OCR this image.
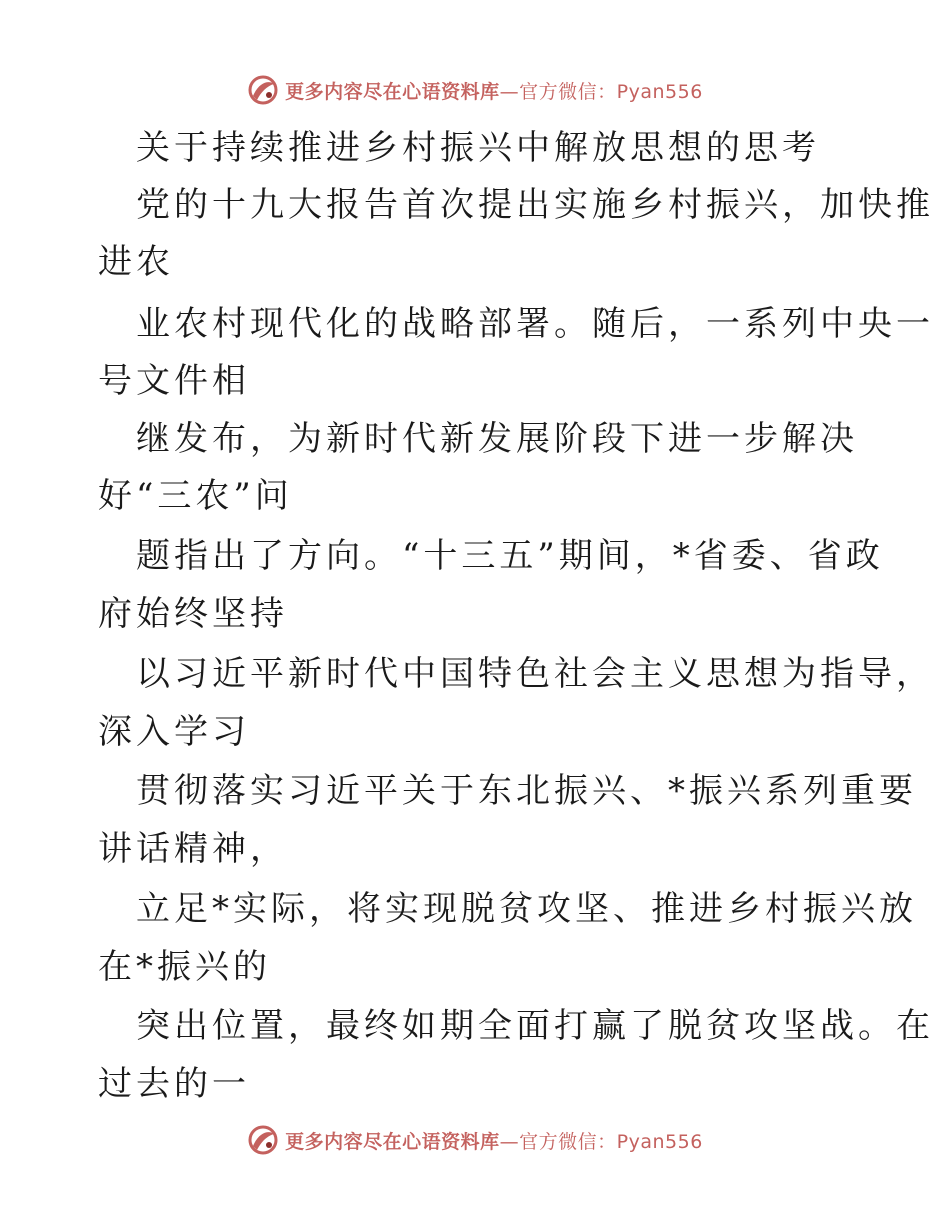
更多内容尽在心语资料库—官方微信：Pyan556
关于持续推进乡村振兴中解放思想的思考
党的十九大报告首次提出实施乡村振兴，加快推
进农
业农村现代化的战略部署。随后，一系列中央一
号文件相
继发布，为新时代新发展阶段下进一步解决
好“三农”问
题指出了方向。“十三五”期间，*省委、省政
府始终坚持
以习近平新时代中国特色社会主义思想为指导，
深入学习
贯彻落实习近平关于东北振兴、*振兴系列重要
讲话精神，
立足*实际，将实现脱贫攻坚、推进乡村振兴放
在*振兴的
突出位置，最终如期全面打赢了脱贫攻坚战。在
过去的一
更多内容尽在心语资料库—官方微信：Pyan556
